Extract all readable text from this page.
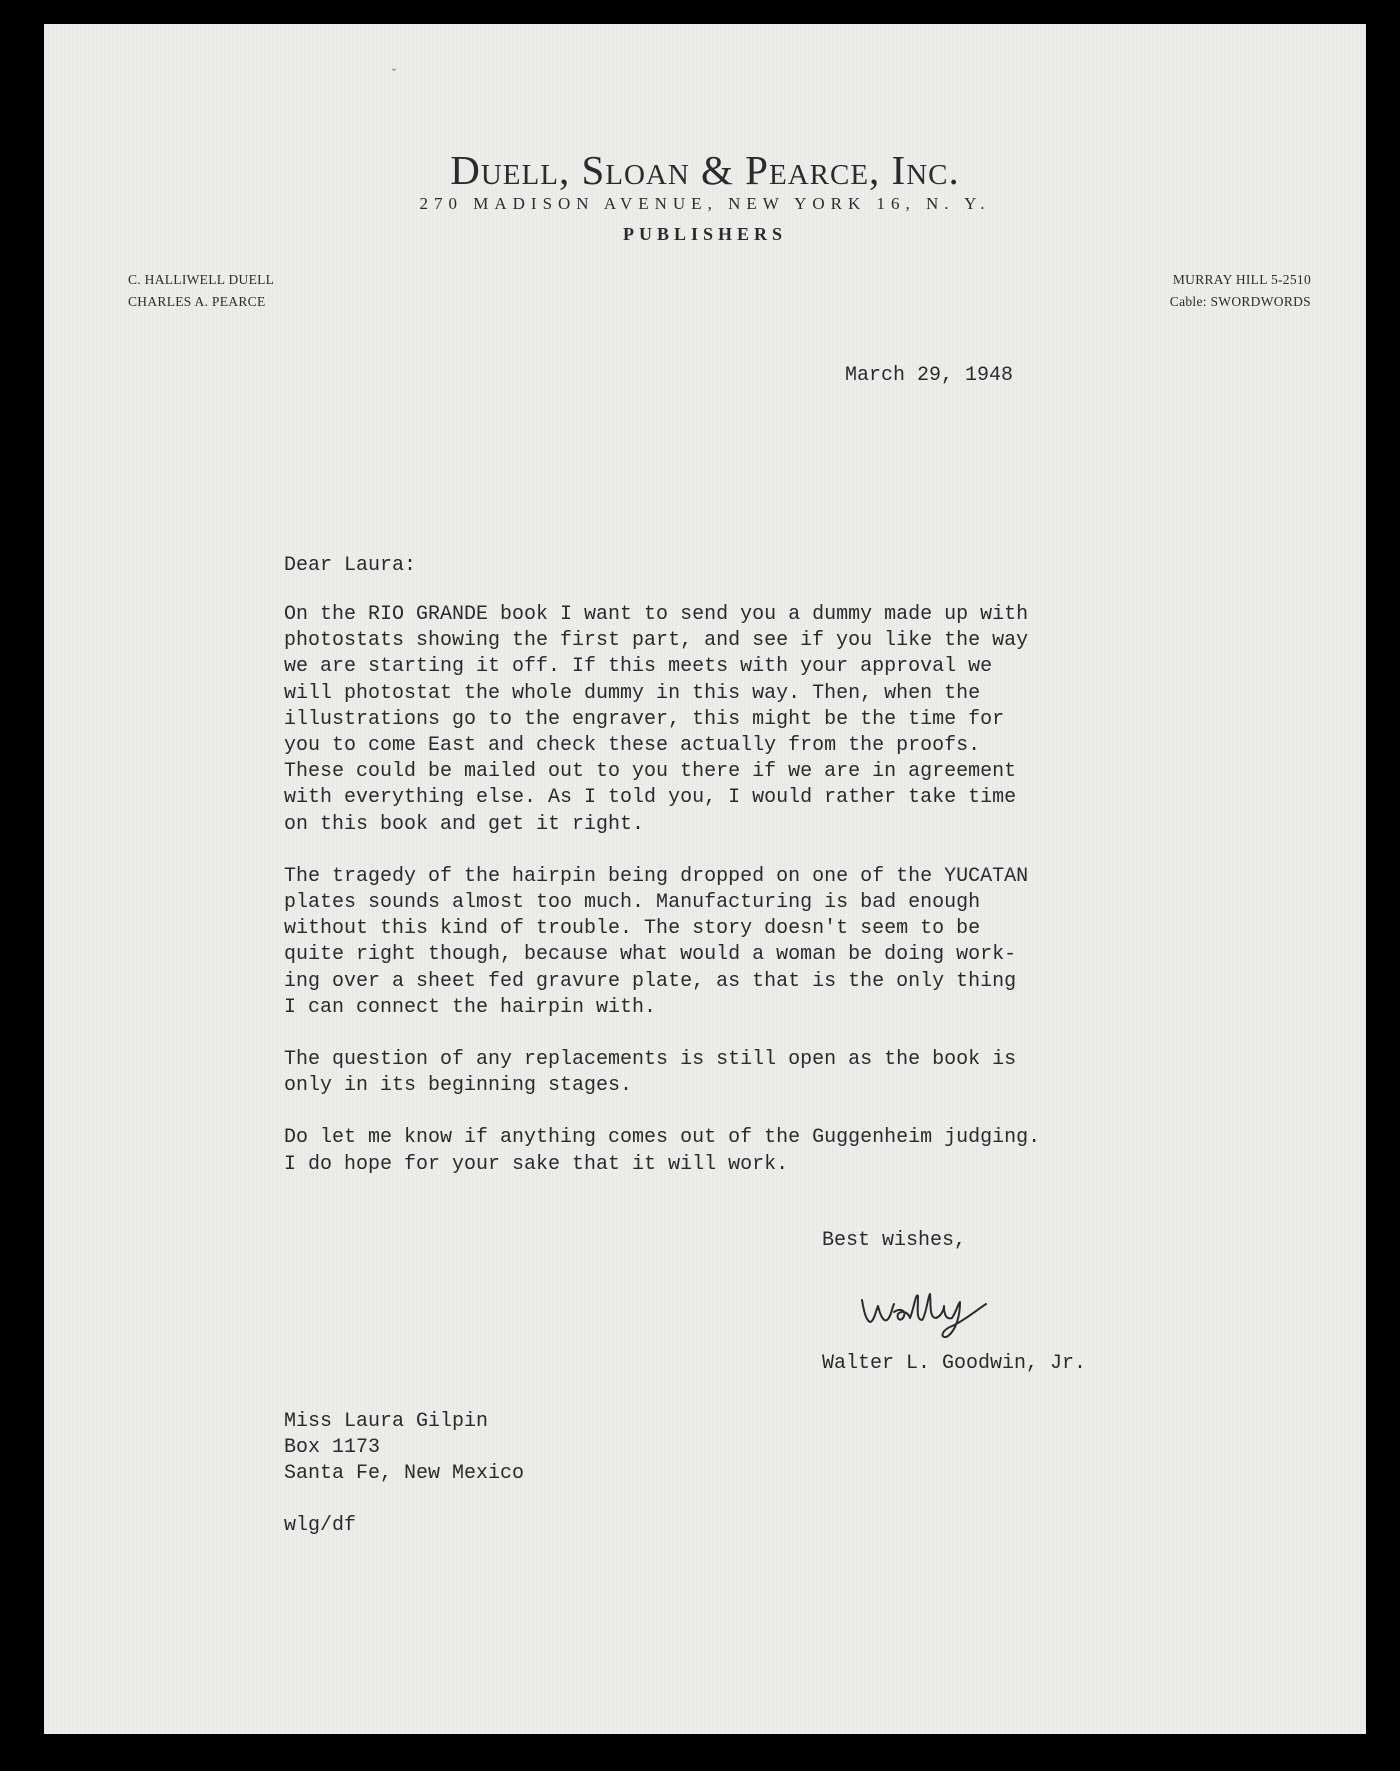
ˇ
Duell, Sloan & Pearce, Inc.
270 MADISON AVENUE, NEW YORK 16, N. Y.
PUBLISHERS
C. HALLIWELL DUELL
CHARLES A. PEARCE
MURRAY HILL 5-2510
Cable: SWORDWORDS
March 29, 1948
Dear Laura:
On the RIO GRANDE book I want to send you a dummy made up with
photostats showing the first part, and see if you like the way
we are starting it off. If this meets with your approval we
will photostat the whole dummy in this way. Then, when the
illustrations go to the engraver, this might be the time for
you to come East and check these actually from the proofs.
These could be mailed out to you there if we are in agreement
with everything else. As I told you, I would rather take time
on this book and get it right.
The tragedy of the hairpin being dropped on one of the YUCATAN
plates sounds almost too much. Manufacturing is bad enough
without this kind of trouble. The story doesn't seem to be
quite right though, because what would a woman be doing work-
ing over a sheet fed gravure plate, as that is the only thing
I can connect the hairpin with.
The question of any replacements is still open as the book is
only in its beginning stages.
Do let me know if anything comes out of the Guggenheim judging.
I do hope for your sake that it will work.
Best wishes,
Walter L. Goodwin, Jr.
Miss Laura Gilpin
Box 1173
Santa Fe, New Mexico
wlg/df
